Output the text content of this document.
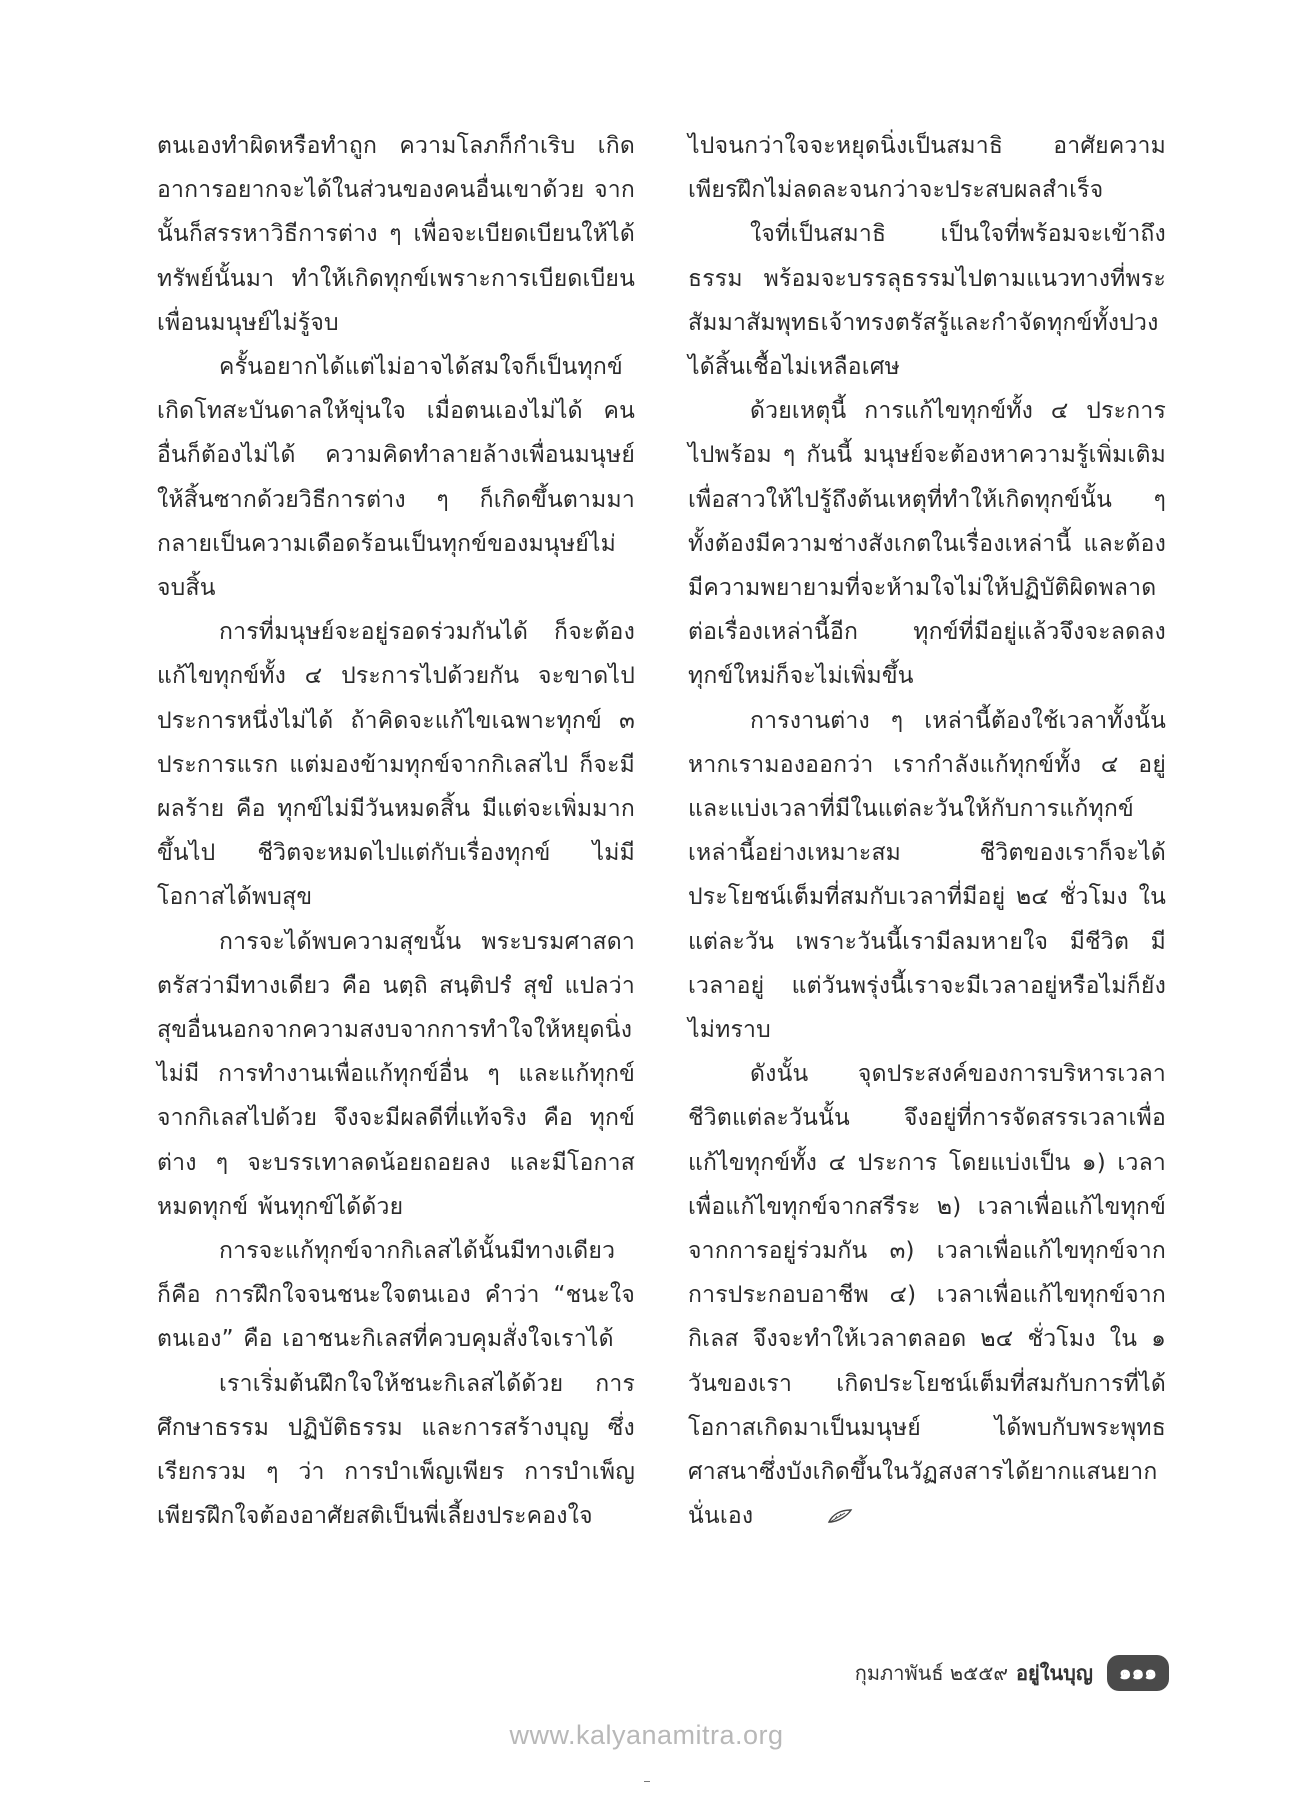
ตนเองทำผิดหรือทำถูก ความโลภก็กำเริบ เกิดอาการอยากจะได้ในส่วนของคนอื่นเขาด้วย จากนั้นก็สรรหาวิธีการต่าง ๆ เพื่อจะเบียดเบียนให้ได้ทรัพย์นั้นมา ทำให้เกิดทุกข์เพราะการเบียดเบียนเพื่อนมนุษย์ไม่รู้จบ

ครั้นอยากได้แต่ไม่อาจได้สมใจก็เป็นทุกข์ เกิดโทสะบันดาลให้ขุ่นใจ เมื่อตนเองไม่ได้ คนอื่นก็ต้องไม่ได้ ความคิดทำลายล้างเพื่อนมนุษย์ให้สิ้นซากด้วยวิธีการต่าง ๆ ก็เกิดขึ้นตามมา กลายเป็นความเดือดร้อนเป็นทุกข์ของมนุษย์ไม่จบสิ้น

การที่มนุษย์จะอยู่รอดร่วมกันได้ ก็จะต้องแก้ไขทุกข์ทั้ง ๔ ประการไปด้วยกัน จะขาดไปประการหนึ่งไม่ได้ ถ้าคิดจะแก้ไขเฉพาะทุกข์ ๓ ประการแรก แต่มองข้ามทุกข์จากกิเลสไป ก็จะมีผลร้าย คือ ทุกข์ไม่มีวันหมดสิ้น มีแต่จะเพิ่มมากขึ้นไป ชีวิตจะหมดไปแต่กับเรื่องทุกข์ ไม่มีโอกาสได้พบสุข

การจะได้พบความสุขนั้น พระบรมศาสดาตรัสว่ามีทางเดียว คือ นตฺถิ สนฺติปรํ สุขํ แปลว่า สุขอื่นนอกจากความสงบจากการทำใจให้หยุดนิ่งไม่มี การทำงานเพื่อแก้ทุกข์อื่น ๆ และแก้ทุกข์จากกิเลสไปด้วย จึงจะมีผลดีที่แท้จริง คือ ทุกข์ต่าง ๆ จะบรรเทาลดน้อยถอยลง และมีโอกาสหมดทุกข์ พ้นทุกข์ได้ด้วย

การจะแก้ทุกข์จากกิเลสได้นั้นมีทางเดียว ก็คือ การฝึกใจจนชนะใจตนเอง คำว่า “ชนะใจตนเอง” คือ เอาชนะกิเลสที่ควบคุมสั่งใจเราได้

เราเริ่มต้นฝึกใจให้ชนะกิเลสได้ด้วย การศึกษาธรรม ปฏิบัติธรรม และการสร้างบุญ ซึ่งเรียกรวม ๆ ว่า การบำเพ็ญเพียร การบำเพ็ญเพียรฝึกใจต้องอาศัยสติเป็นพี่เลี้ยงประคองใจ

ไปจนกว่าใจจะหยุดนิ่งเป็นสมาธิ อาศัยความเพียรฝึกไม่ลดละจนกว่าจะประสบผลสำเร็จ

ใจที่เป็นสมาธิ เป็นใจที่พร้อมจะเข้าถึงธรรม พร้อมจะบรรลุธรรมไปตามแนวทางที่พระสัมมาสัมพุทธเจ้าทรงตรัสรู้และกำจัดทุกข์ทั้งปวงได้สิ้นเชื้อไม่เหลือเศษ

ด้วยเหตุนี้ การแก้ไขทุกข์ทั้ง ๔ ประการไปพร้อม ๆ กันนี้ มนุษย์จะต้องหาความรู้เพิ่มเติมเพื่อสาวให้ไปรู้ถึงต้นเหตุที่ทำให้เกิดทุกข์นั้น ๆ ทั้งต้องมีความช่างสังเกตในเรื่องเหล่านี้ และต้องมีความพยายามที่จะห้ามใจไม่ให้ปฏิบัติผิดพลาดต่อเรื่องเหล่านี้อีก ทุกข์ที่มีอยู่แล้วจึงจะลดลง ทุกข์ใหม่ก็จะไม่เพิ่มขึ้น

การงานต่าง ๆ เหล่านี้ต้องใช้เวลาทั้งนั้น หากเรามองออกว่า เรากำลังแก้ทุกข์ทั้ง ๔ อยู่ และแบ่งเวลาที่มีในแต่ละวันให้กับการแก้ทุกข์เหล่านี้อย่างเหมาะสม ชีวิตของเราก็จะได้ประโยชน์เต็มที่สมกับเวลาที่มีอยู่ ๒๔ ชั่วโมง ในแต่ละวัน เพราะวันนี้เรามีลมหายใจ มีชีวิต มีเวลาอยู่ แต่วันพรุ่งนี้เราจะมีเวลาอยู่หรือไม่ก็ยังไม่ทราบ

ดังนั้น จุดประสงค์ของการบริหารเวลาชีวิตแต่ละวันนั้น จึงอยู่ที่การจัดสรรเวลาเพื่อแก้ไขทุกข์ทั้ง ๔ ประการ โดยแบ่งเป็น ๑) เวลาเพื่อแก้ไขทุกข์จากสรีระ ๒) เวลาเพื่อแก้ไขทุกข์จากการอยู่ร่วมกัน ๓) เวลาเพื่อแก้ไขทุกข์จากการประกอบอาชีพ ๔) เวลาเพื่อแก้ไขทุกข์จากกิเลส จึงจะทำให้เวลาตลอด ๒๔ ชั่วโมง ใน ๑ วันของเรา เกิดประโยชน์เต็มที่สมกับการที่ได้โอกาสเกิดมาเป็นมนุษย์ ได้พบกับพระพุทธศาสนาซึ่งบังเกิดขึ้นในวัฏสงสารได้ยากแสนยากนั่นเอง

กุมภาพันธ์ ๒๕๕๙ อยู่ในบุญ	๑๑๑
www.kalyanamitra.org
